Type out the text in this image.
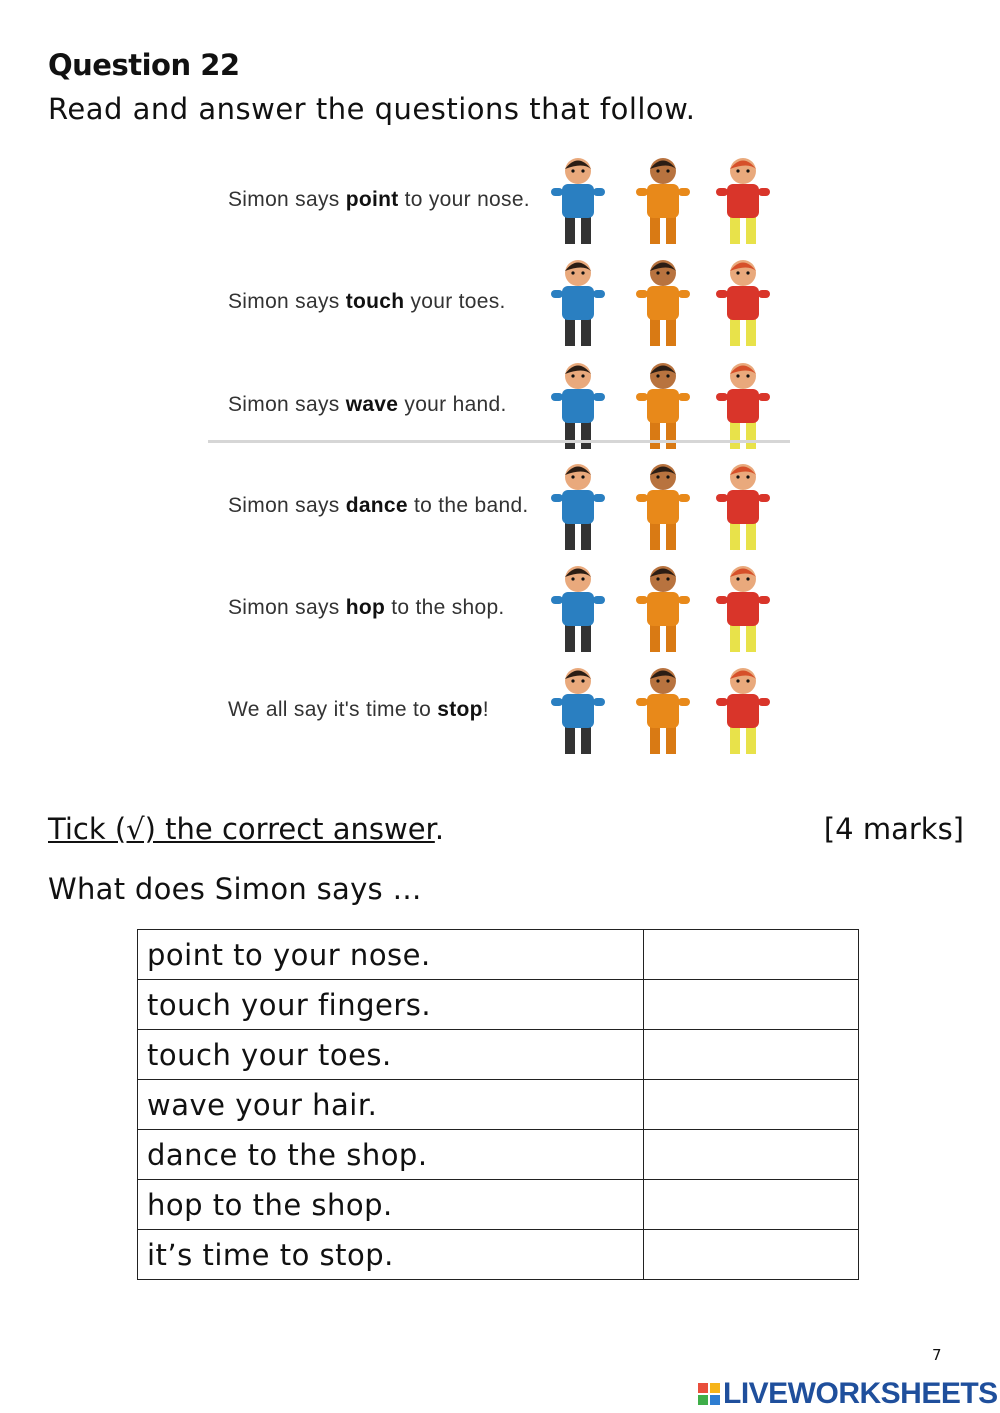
Question 22
Read and answer the questions that follow.
Simon says point to your nose.
Simon says touch your toes.
Simon says wave your hand.
Simon says dance to the band.
Simon says hop to the shop.
We all say it's time to stop!
Tick (√) the correct answer.	[4 marks]
What does Simon says …
point to your nose.	
touch your fingers.	
touch your toes.	
wave your hair.	
dance to the shop.	
hop to the shop.	
it’s time to stop.	
7
LIVEWORKSHEETS
